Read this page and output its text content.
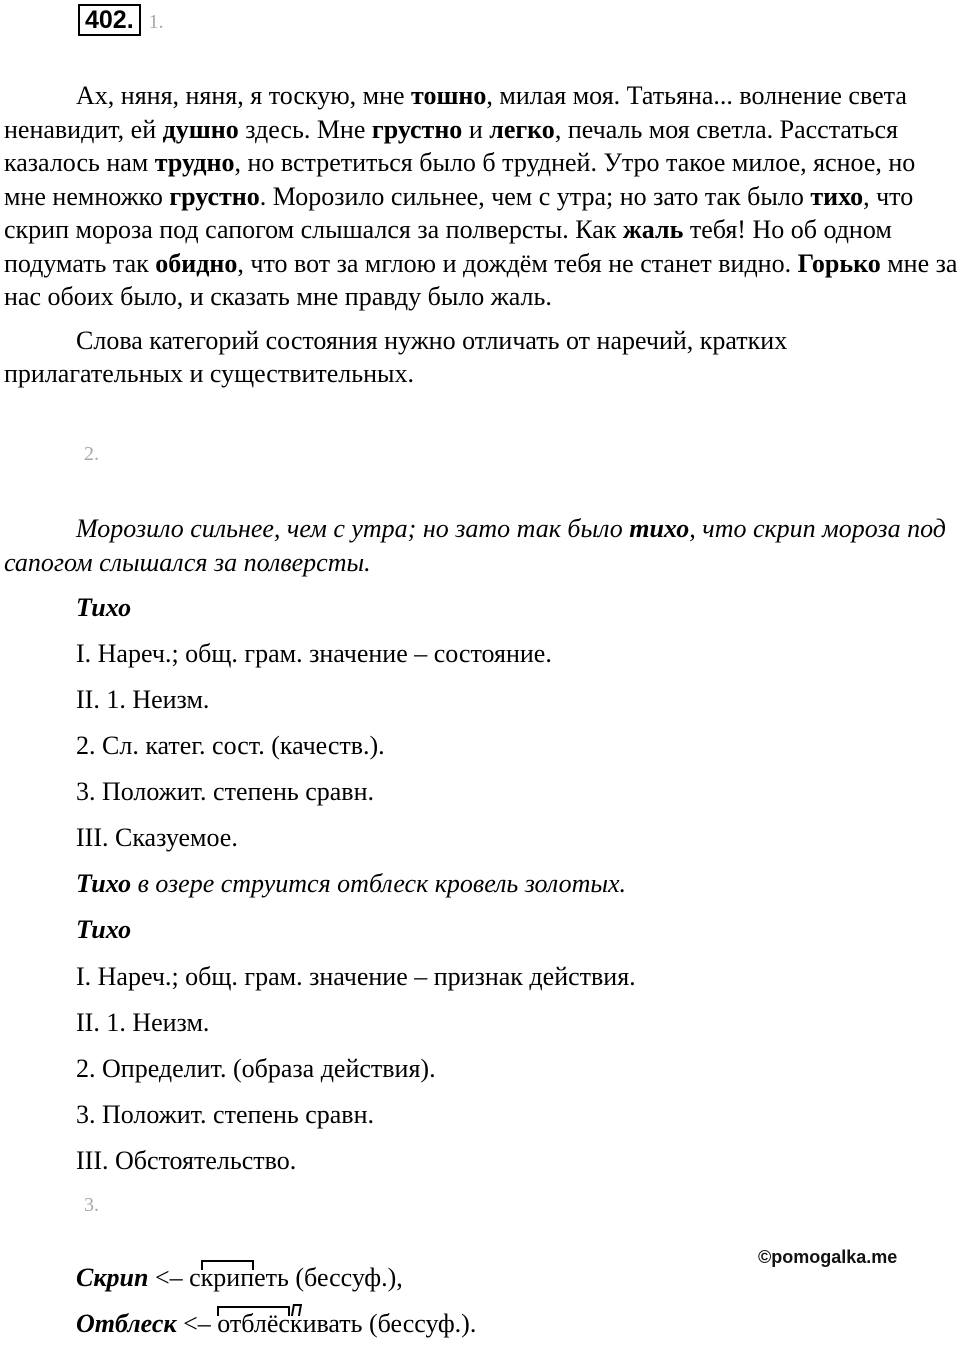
402. 1.

Ах, няня, няня, я тоскую, мне тошно, милая моя. Татьяна... волнение света ненавидит, ей душно здесь. Мне грустно и легко, печаль моя светла. Расстаться казалось нам трудно, но встретиться было б трудней. Утро такое милое, ясное, но мне немножко грустно. Морозило сильнее, чем с утра; но зато так было тихо, что скрип мороза под сапогом слышался за полверсты. Как жаль тебя! Но об одном подумать так обидно, что вот за мглою и дождём тебя не станет видно. Горько мне за нас обоих было, и сказать мне правду было жаль.

Слова категорий состояния нужно отличать от наречий, кратких прилагательных и существительных.

2.

Морозило сильнее, чем с утра; но зато так было тихо, что скрип мороза под сапогом слышался за полверсты.

Тихо
I. Нареч.; общ. грам. значение – состояние.
II. 1. Неизм.
2. Сл. катег. сост. (качеств.).
3. Положит. степень сравн.
III. Сказуемое.
Тихо в озере струится отблеск кровель золотых.
Тихо
I. Нареч.; общ. грам. значение – признак действия.
II. 1. Неизм.
2. Определит. (образа действия).
3. Положит. степень сравн.
III. Обстоятельство.
3.
©pomogalka.me
Скрип <– скрипеть (бессуф.),
Отблеск <– отблёскивать (бессуф.).
